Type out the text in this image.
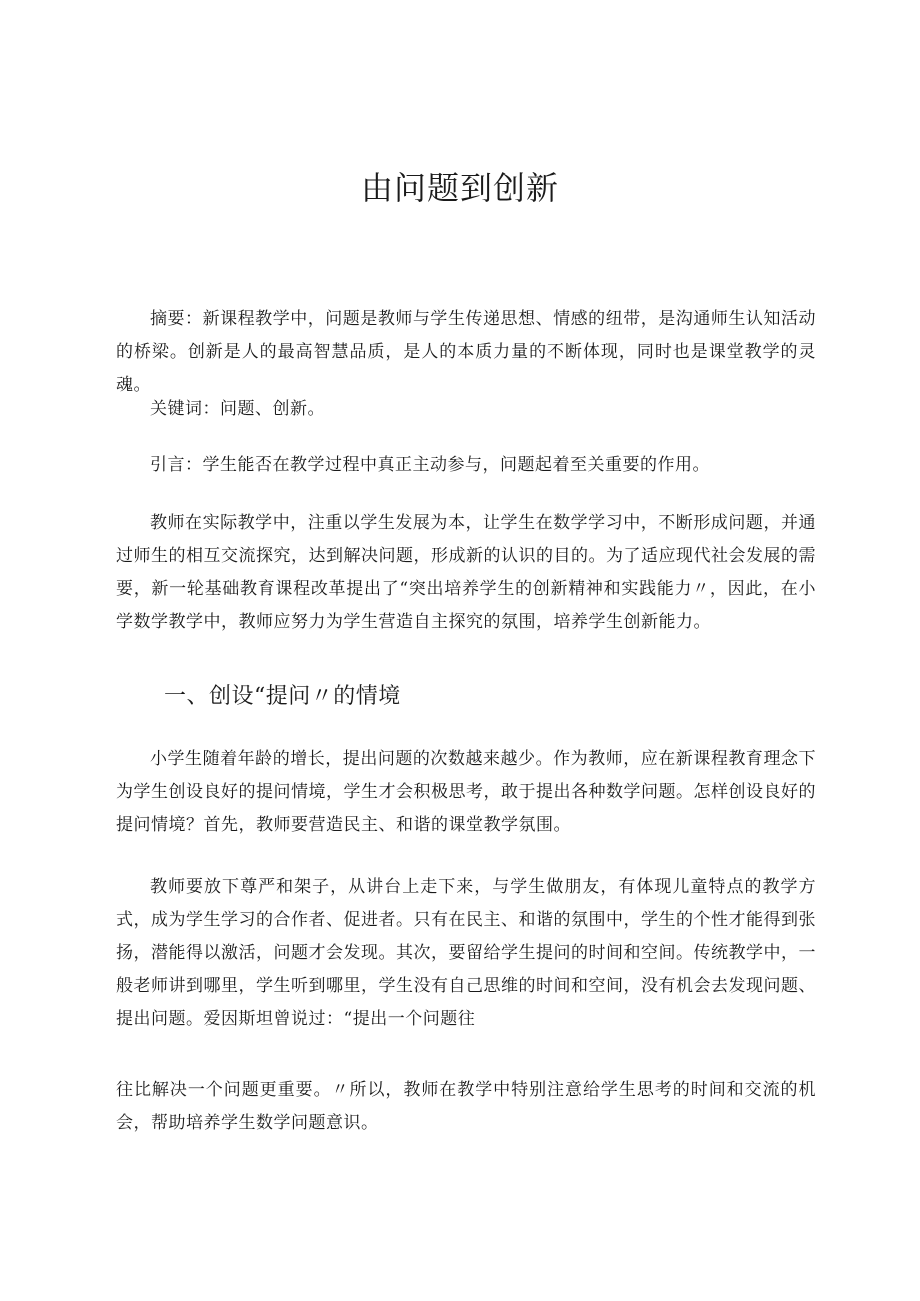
由问题到创新

摘要：新课程教学中，问题是教师与学生传递思想、情感的纽带，是沟通师生认知活动的桥梁。创新是人的最高智慧品质，是人的本质力量的不断体现，同时也是课堂教学的灵魂。

关键词：问题、创新。

引言：学生能否在教学过程中真正主动参与，问题起着至关重要的作用。

教师在实际教学中，注重以学生发展为本，让学生在数学学习中，不断形成问题，并通过师生的相互交流探究，达到解决问题，形成新的认识的目的。为了适应现代社会发展的需要，新一轮基础教育课程改革提出了“突出培养学生的创新精神和实践能力〃，因此，在小学数学教学中，教师应努力为学生营造自主探究的氛围，培养学生创新能力。

一、创设“提问〃的情境

小学生随着年龄的增长，提出问题的次数越来越少。作为教师，应在新课程教育理念下为学生创设良好的提问情境，学生才会积极思考，敢于提出各种数学问题。怎样创设良好的提问情境？首先，教师要营造民主、和谐的课堂教学氛围。

教师要放下尊严和架子，从讲台上走下来，与学生做朋友，有体现儿童特点的教学方式，成为学生学习的合作者、促进者。只有在民主、和谐的氛围中，学生的个性才能得到张扬，潜能得以激活，问题才会发现。其次，要留给学生提问的时间和空间。传统教学中，一般老师讲到哪里，学生听到哪里，学生没有自己思维的时间和空间，没有机会去发现问题、提出问题。爱因斯坦曾说过：“提出一个问题往

往比解决一个问题更重要。〃所以，教师在教学中特别注意给学生思考的时间和交流的机会，帮助培养学生数学问题意识。
